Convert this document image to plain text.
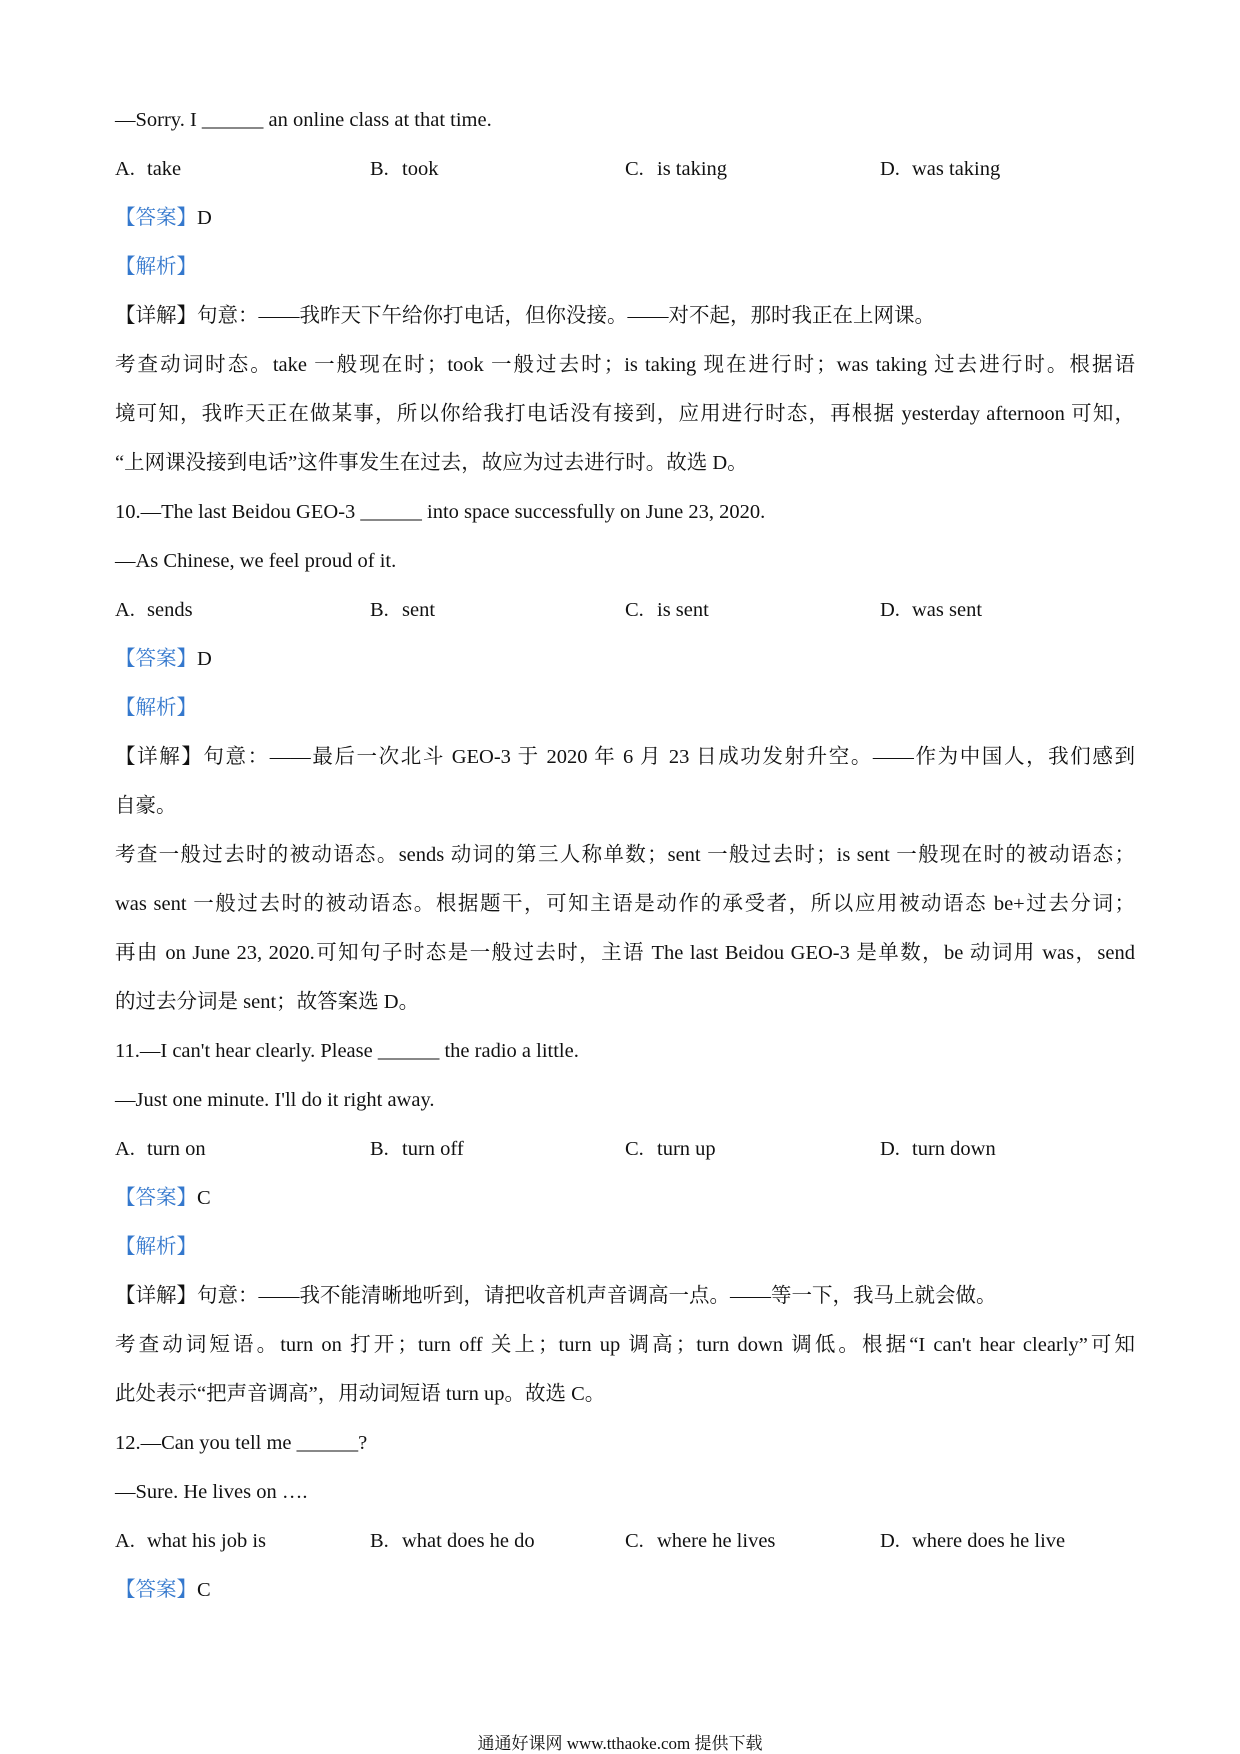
—Sorry. I ______ an online class at that time.
A. take	B. took	C. is taking	D. was taking
【答案】D
【解析】
【详解】句意：——我昨天下午给你打电话，但你没接。——对不起，那时我正在上网课。
考查动词时态。take 一般现在时；took 一般过去时；is taking 现在进行时；was taking 过去进行时。根据语
境可知，我昨天正在做某事，所以你给我打电话没有接到，应用进行时态，再根据 yesterday afternoon 可知，
“上网课没接到电话”这件事发生在过去，故应为过去进行时。故选 D。
10.—The last Beidou GEO-3 ______ into space successfully on June 23, 2020.
—As Chinese, we feel proud of it.
A. sends	B. sent	C. is sent	D. was sent
【答案】D
【解析】
【详解】句意：——最后一次北斗 GEO-3 于 2020 年 6 月 23 日成功发射升空。——作为中国人，我们感到
自豪。
考查一般过去时的被动语态。sends 动词的第三人称单数；sent 一般过去时；is sent 一般现在时的被动语态；
was sent 一般过去时的被动语态。根据题干，可知主语是动作的承受者，所以应用被动语态 be+过去分词；
再由 on June 23, 2020.可知句子时态是一般过去时，主语 The last Beidou GEO-3 是单数，be 动词用 was，send
的过去分词是 sent；故答案选 D。
11.—I can't hear clearly. Please ______ the radio a little.
—Just one minute. I'll do it right away.
A. turn on	B. turn off	C. turn up	D. turn down
【答案】C
【解析】
【详解】句意：——我不能清晰地听到，请把收音机声音调高一点。——等一下，我马上就会做。
考查动词短语。turn on 打开；turn off 关上；turn up 调高；turn down 调低。根据“I can't hear clearly”可知
此处表示“把声音调高”，用动词短语 turn up。故选 C。
12.—Can you tell me ______?
—Sure. He lives on ….
A. what his job is	B. what does he do	C. where he lives	D. where does he live
【答案】C
通通好课网 www.tthaoke.com 提供下载
